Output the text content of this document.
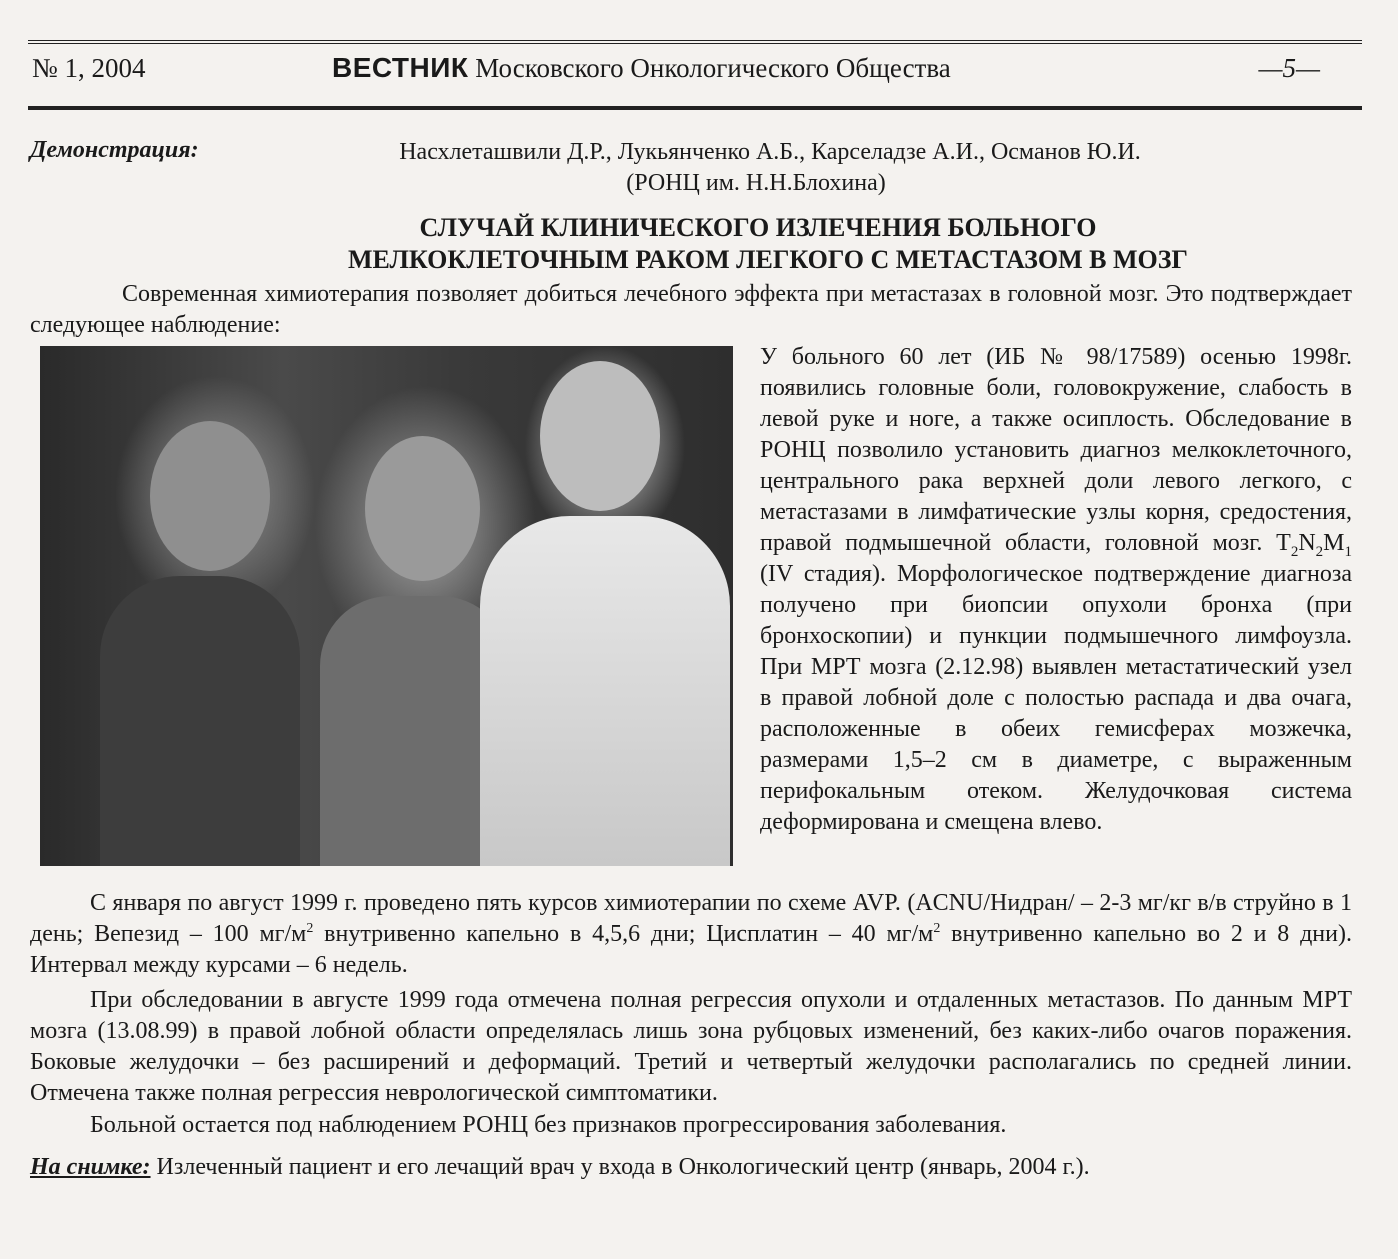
№ 1, 2004	ВЕСТНИК Московского Онкологического Общества	—5—
Демонстрация:	Насхлеташвили Д.Р., Лукьянченко А.Б., Карселадзе А.И., Османов Ю.И.
(РОНЦ им. Н.Н.Блохина)
СЛУЧАЙ КЛИНИЧЕСКОГО ИЗЛЕЧЕНИЯ БОЛЬНОГО
МЕЛКОКЛЕТОЧНЫМ РАКОМ ЛЕГКОГО С МЕТАСТАЗОМ В МОЗГ

Современная химиотерапия позволяет добиться лечебного эффекта при метастазах в головной мозг. Это подтверждает следующее наблюдение:

У больного 60 лет (ИБ № 98/17589) осенью 1998г. появились головные боли, головокружение, слабость в левой руке и ноге, а также осиплость. Обследование в РОНЦ позволило установить диагноз мелкоклеточного, центрального рака верхней доли левого легкого, с метастазами в лимфатические узлы корня, средостения, правой подмышечной области, головной мозг. $T_2N_2M_1$ (IV стадия). Морфологическое подтверждение диагноза получено при биопсии опухоли бронха (при бронхоскопии) и пункции подмышечного лимфоузла. При МРТ мозга (2.12.98) выявлен метастатический узел в правой лобной доле с полостью распада и два очага, расположенные в обеих гемисферах мозжечка, размерами 1,5–2 см в диаметре, с выраженным перифокальным отеком. Желудочковая система деформирована и смещена влево.

С января по август 1999 г. проведено пять курсов химиотерапии по схеме AVP. (ACNU/Нидран/ – 2-3 мг/кг в/в струйно в 1 день; Вепезид – 100 $мг/м^2$ внутривенно капельно в 4,5,6 дни; Цисплатин – 40 $мг/м^2$ внутривенно капельно во 2 и 8 дни). Интервал между курсами – 6 недель.

При обследовании в августе 1999 года отмечена полная регрессия опухоли и отдаленных метастазов. По данным МРТ мозга (13.08.99) в правой лобной области определялась лишь зона рубцовых изменений, без каких-либо очагов поражения. Боковые желудочки – без расширений и деформаций. Третий и четвертый желудочки располагались по средней линии. Отмечена также полная регрессия неврологической симптоматики.

Больной остается под наблюдением РОНЦ без признаков прогрессирования заболевания.

На снимке: Излеченный пациент и его лечащий врач у входа в Онкологический центр (январь, 2004 г.).
